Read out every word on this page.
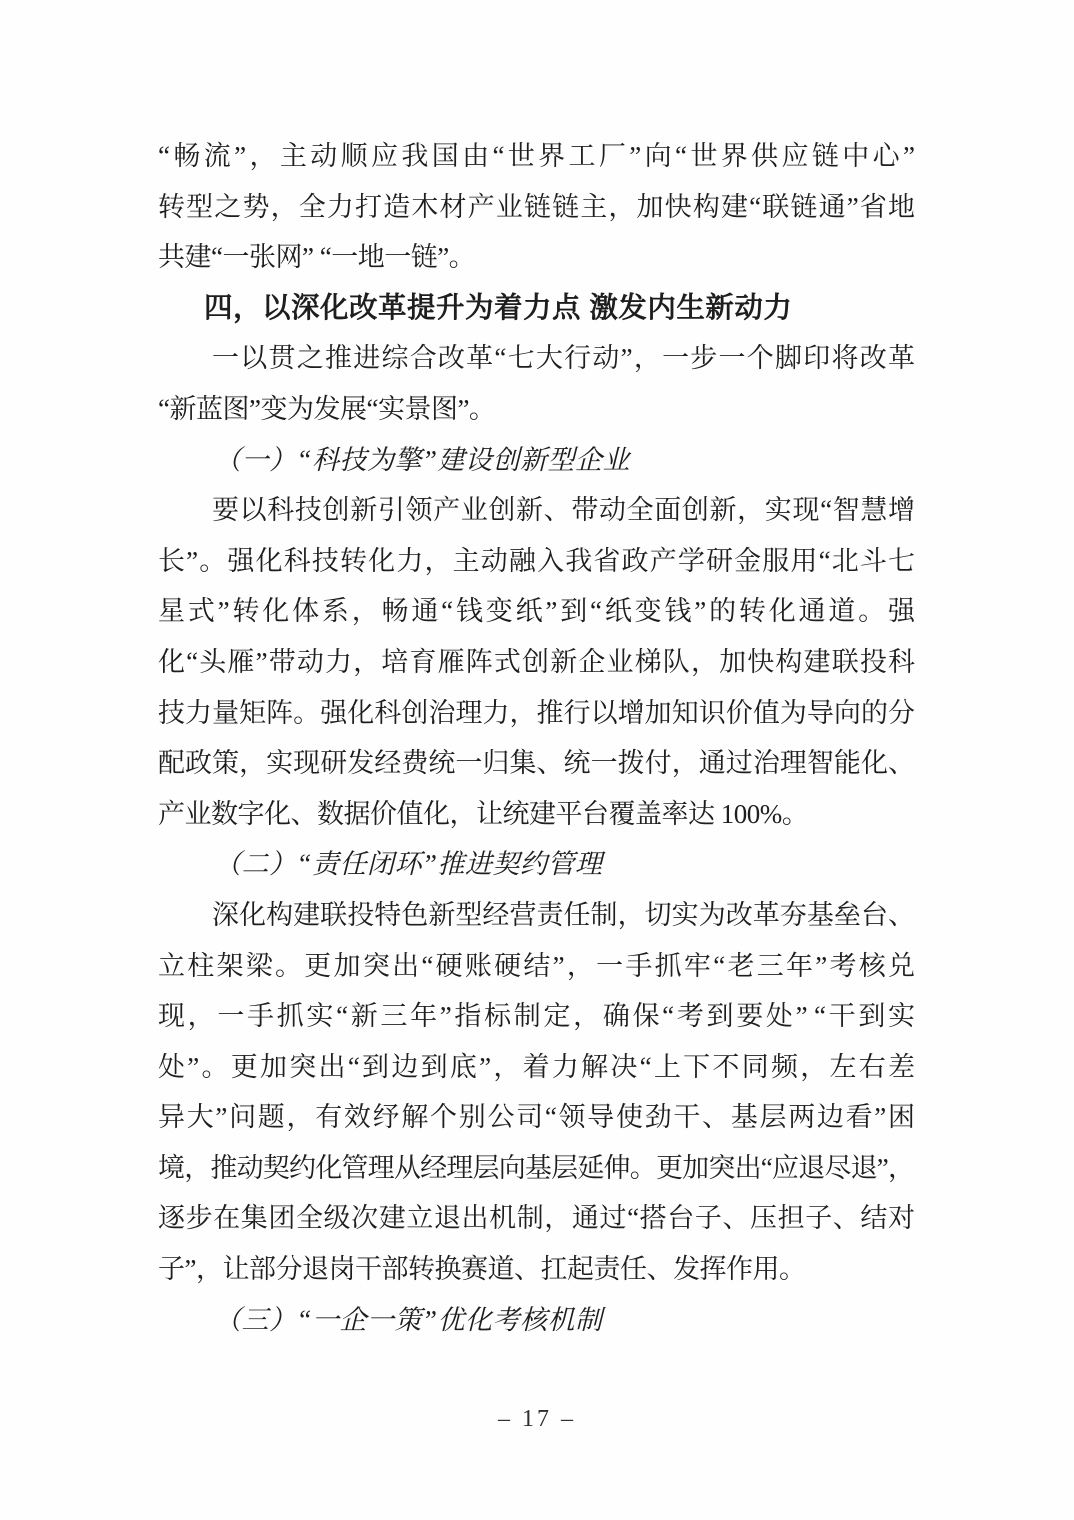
“畅流”，主动顺应我国由“世界工厂”向“世界供应链中心”
转型之势，全力打造木材产业链链主，加快构建“联链通”省地
共建“一张网” “一地一链”。
四，以深化改革提升为着力点 激发内生新动力
一以贯之推进综合改革“七大行动”，一步一个脚印将改革
“新蓝图”变为发展“实景图”。
（一）“科技为擎”建设创新型企业
要以科技创新引领产业创新、带动全面创新，实现“智慧增
长”。强化科技转化力，主动融入我省政产学研金服用“北斗七
星式”转化体系，畅通“钱变纸”到“纸变钱”的转化通道。强
化“头雁”带动力，培育雁阵式创新企业梯队，加快构建联投科
技力量矩阵。强化科创治理力，推行以增加知识价值为导向的分
配政策，实现研发经费统一归集、统一拨付，通过治理智能化、
产业数字化、数据价值化，让统建平台覆盖率达 100%。
（二）“责任闭环”推进契约管理
深化构建联投特色新型经营责任制，切实为改革夯基垒台、
立柱架梁。更加突出“硬账硬结”，一手抓牢“老三年”考核兑
现，一手抓实“新三年”指标制定，确保“考到要处” “干到实
处”。更加突出“到边到底”，着力解决“上下不同频，左右差
异大”问题，有效纾解个别公司“领导使劲干、基层两边看”困
境，推动契约化管理从经理层向基层延伸。更加突出“应退尽退”，
逐步在集团全级次建立退出机制，通过“搭台子、压担子、结对
子”，让部分退岗干部转换赛道、扛起责任、发挥作用。
（三）“一企一策”优化考核机制
– 17 –
